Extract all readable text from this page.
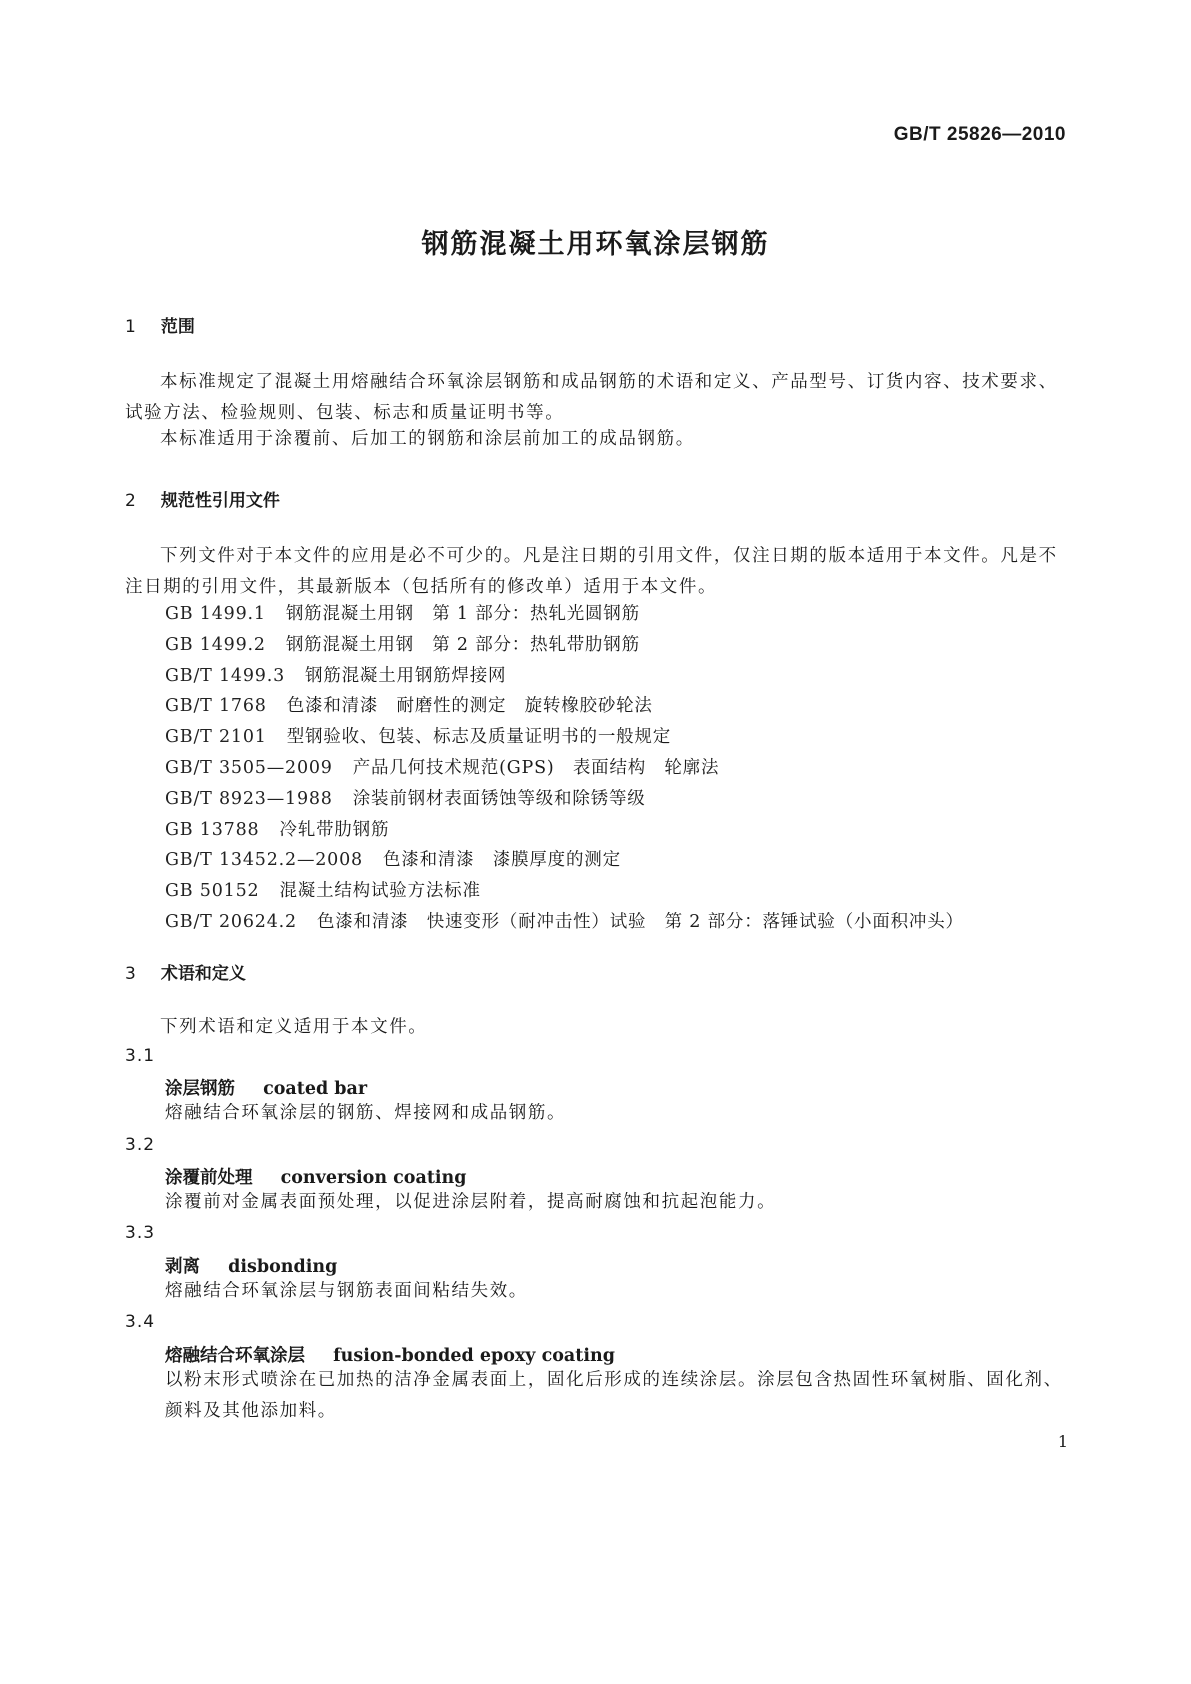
GB/T 25826—2010
钢筋混凝土用环氧涂层钢筋
1 范围

本标准规定了混凝土用熔融结合环氧涂层钢筋和成品钢筋的术语和定义、产品型号、订货内容、技术要求、试验方法、检验规则、包装、标志和质量证明书等。

本标准适用于涂覆前、后加工的钢筋和涂层前加工的成品钢筋。

2 规范性引用文件

下列文件对于本文件的应用是必不可少的。凡是注日期的引用文件，仅注日期的版本适用于本文件。凡是不注日期的引用文件，其最新版本（包括所有的修改单）适用于本文件。

GB 1499.1 钢筋混凝土用钢　第 1 部分：热轧光圆钢筋
GB 1499.2 钢筋混凝土用钢　第 2 部分：热轧带肋钢筋
GB/T 1499.3 钢筋混凝土用钢筋焊接网
GB/T 1768 色漆和清漆　耐磨性的测定　旋转橡胶砂轮法
GB/T 2101 型钢验收、包装、标志及质量证明书的一般规定
GB/T 3505—2009 产品几何技术规范(GPS)　表面结构　轮廓法
GB/T 8923—1988 涂装前钢材表面锈蚀等级和除锈等级
GB 13788 冷轧带肋钢筋
GB/T 13452.2—2008 色漆和清漆　漆膜厚度的测定
GB 50152 混凝土结构试验方法标准
GB/T 20624.2 色漆和清漆　快速变形（耐冲击性）试验　第 2 部分：落锤试验（小面积冲头）
3 术语和定义

下列术语和定义适用于本文件。

3.1
涂层钢筋 coated bar

熔融结合环氧涂层的钢筋、焊接网和成品钢筋。

3.2
涂覆前处理 conversion coating

涂覆前对金属表面预处理，以促进涂层附着，提高耐腐蚀和抗起泡能力。

3.3
剥离 disbonding

熔融结合环氧涂层与钢筋表面间粘结失效。

3.4
熔融结合环氧涂层 fusion-bonded epoxy coating

以粉末形式喷涂在已加热的洁净金属表面上，固化后形成的连续涂层。涂层包含热固性环氧树脂、固化剂、颜料及其他添加料。

1
